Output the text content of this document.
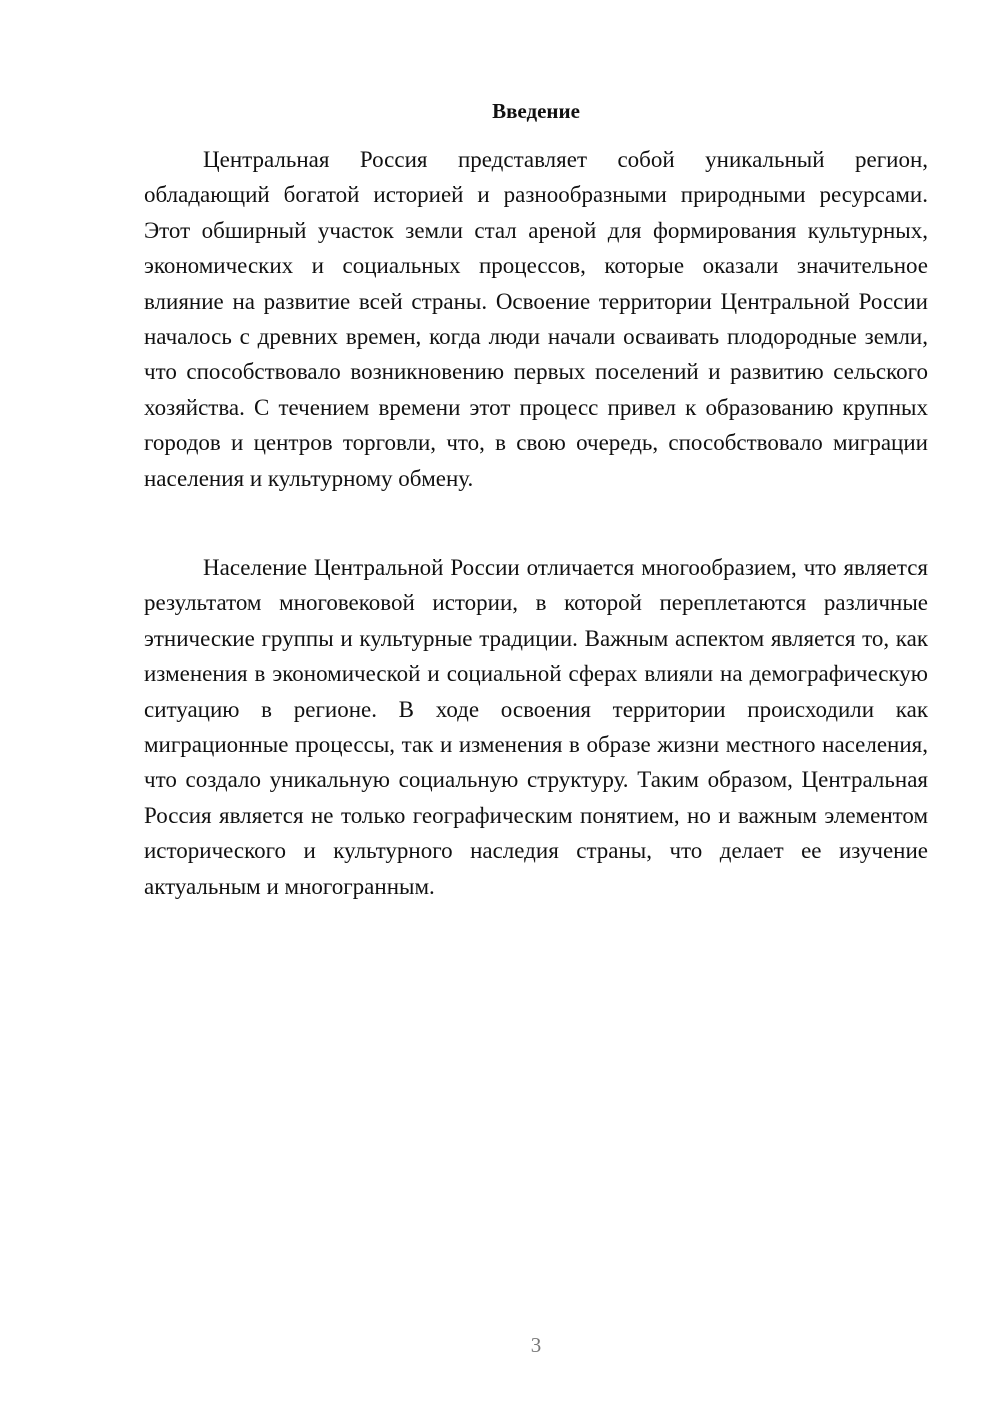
Введение

Центральная Россия представляет собой уникальный регион, обладающий богатой историей и разнообразными природными ресурсами. Этот обширный участок земли стал ареной для формирования культурных, экономических и социальных процессов, которые оказали значительное влияние на развитие всей страны. Освоение территории Центральной России началось с древних времен, когда люди начали осваивать плодородные земли, что способствовало возникновению первых поселений и развитию сельского хозяйства. С течением времени этот процесс привел к образованию крупных городов и центров торговли, что, в свою очередь, способствовало миграции населения и культурному обмену.

Население Центральной России отличается многообразием, что является результатом многовековой истории, в которой переплетаются различные этнические группы и культурные традиции. Важным аспектом является то, как изменения в экономической и социальной сферах влияли на демографическую ситуацию в регионе. В ходе освоения территории происходили как миграционные процессы, так и изменения в образе жизни местного населения, что создало уникальную социальную структуру. Таким образом, Центральная Россия является не только географическим понятием, но и важным элементом исторического и культурного наследия страны, что делает ее изучение актуальным и многогранным.

3
